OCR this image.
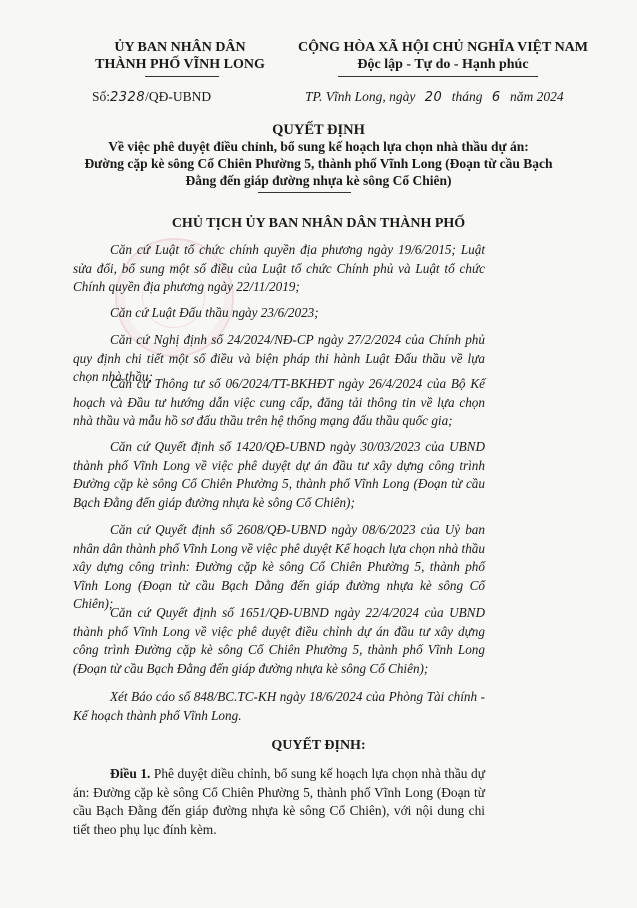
ỦY BAN NHÂN DÂN
THÀNH PHỐ VĨNH LONG
Số:2328/QĐ-UBND
CỘNG HÒA XÃ HỘI CHỦ NGHĨA VIỆT NAM
Độc lập - Tự do - Hạnh phúc
TP. Vĩnh Long, ngày 20 tháng 6 năm 2024
QUYẾT ĐỊNH
Về việc phê duyệt điều chỉnh, bổ sung kế hoạch lựa chọn nhà thầu dự án:
Đường cặp kè sông Cổ Chiên Phường 5, thành phố Vĩnh Long (Đoạn từ cầu Bạch
Đằng đến giáp đường nhựa kè sông Cổ Chiên)
CHỦ TỊCH ỦY BAN NHÂN DÂN THÀNH PHỐ
Căn cứ Luật tổ chức chính quyền địa phương ngày 19/6/2015; Luật sửa đổi, bổ sung một số điều của Luật tổ chức Chính phủ và Luật tổ chức Chính quyền địa phương ngày 22/11/2019;
Căn cứ Luật Đấu thầu ngày 23/6/2023;
Căn cứ Nghị định số 24/2024/NĐ-CP ngày 27/2/2024 của Chính phủ quy định chi tiết một số điều và biện pháp thi hành Luật Đấu thầu về lựa chọn nhà thầu;
Căn cứ Thông tư số 06/2024/TT-BKHĐT ngày 26/4/2024 của Bộ Kế hoạch và Đầu tư hướng dẫn việc cung cấp, đăng tải thông tin về lựa chọn nhà thầu và mẫu hồ sơ đấu thầu trên hệ thống mạng đấu thầu quốc gia;
Căn cứ Quyết định số 1420/QĐ-UBND ngày 30/03/2023 của UBND thành phố Vĩnh Long về việc phê duyệt dự án đầu tư xây dựng công trình Đường cặp kè sông Cổ Chiên Phường 5, thành phố Vĩnh Long (Đoạn từ cầu Bạch Đằng đến giáp đường nhựa kè sông Cổ Chiên);
Căn cứ Quyết định số 2608/QĐ-UBND ngày 08/6/2023 của Uỷ ban nhân dân thành phố Vĩnh Long về việc phê duyệt Kế hoạch lựa chọn nhà thầu xây dựng công trình: Đường cặp kè sông Cổ Chiên Phường 5, thành phố Vĩnh Long (Đoạn từ cầu Bạch Dằng đến giáp đường nhựa kè sông Cổ Chiên);
Căn cứ Quyết định số 1651/QĐ-UBND ngày 22/4/2024 của UBND thành phố Vĩnh Long về việc phê duyệt điều chỉnh dự án đầu tư xây dựng công trình Đường cặp kè sông Cổ Chiên Phường 5, thành phố Vĩnh Long (Đoạn từ cầu Bạch Đằng đến giáp đường nhựa kè sông Cổ Chiên);
Xét Báo cáo số 848/BC.TC-KH ngày 18/6/2024 của Phòng Tài chính - Kế hoạch thành phố Vĩnh Long.
QUYẾT ĐỊNH:
Điều 1. Phê duyệt diều chỉnh, bổ sung kế hoạch lựa chọn nhà thầu dự án: Đường cặp kè sông Cổ Chiên Phường 5, thành phố Vĩnh Long (Đoạn từ cầu Bạch Đằng đến giáp đường nhựa kè sông Cổ Chiên), với nội dung chi tiết theo phụ lục đính kèm.
